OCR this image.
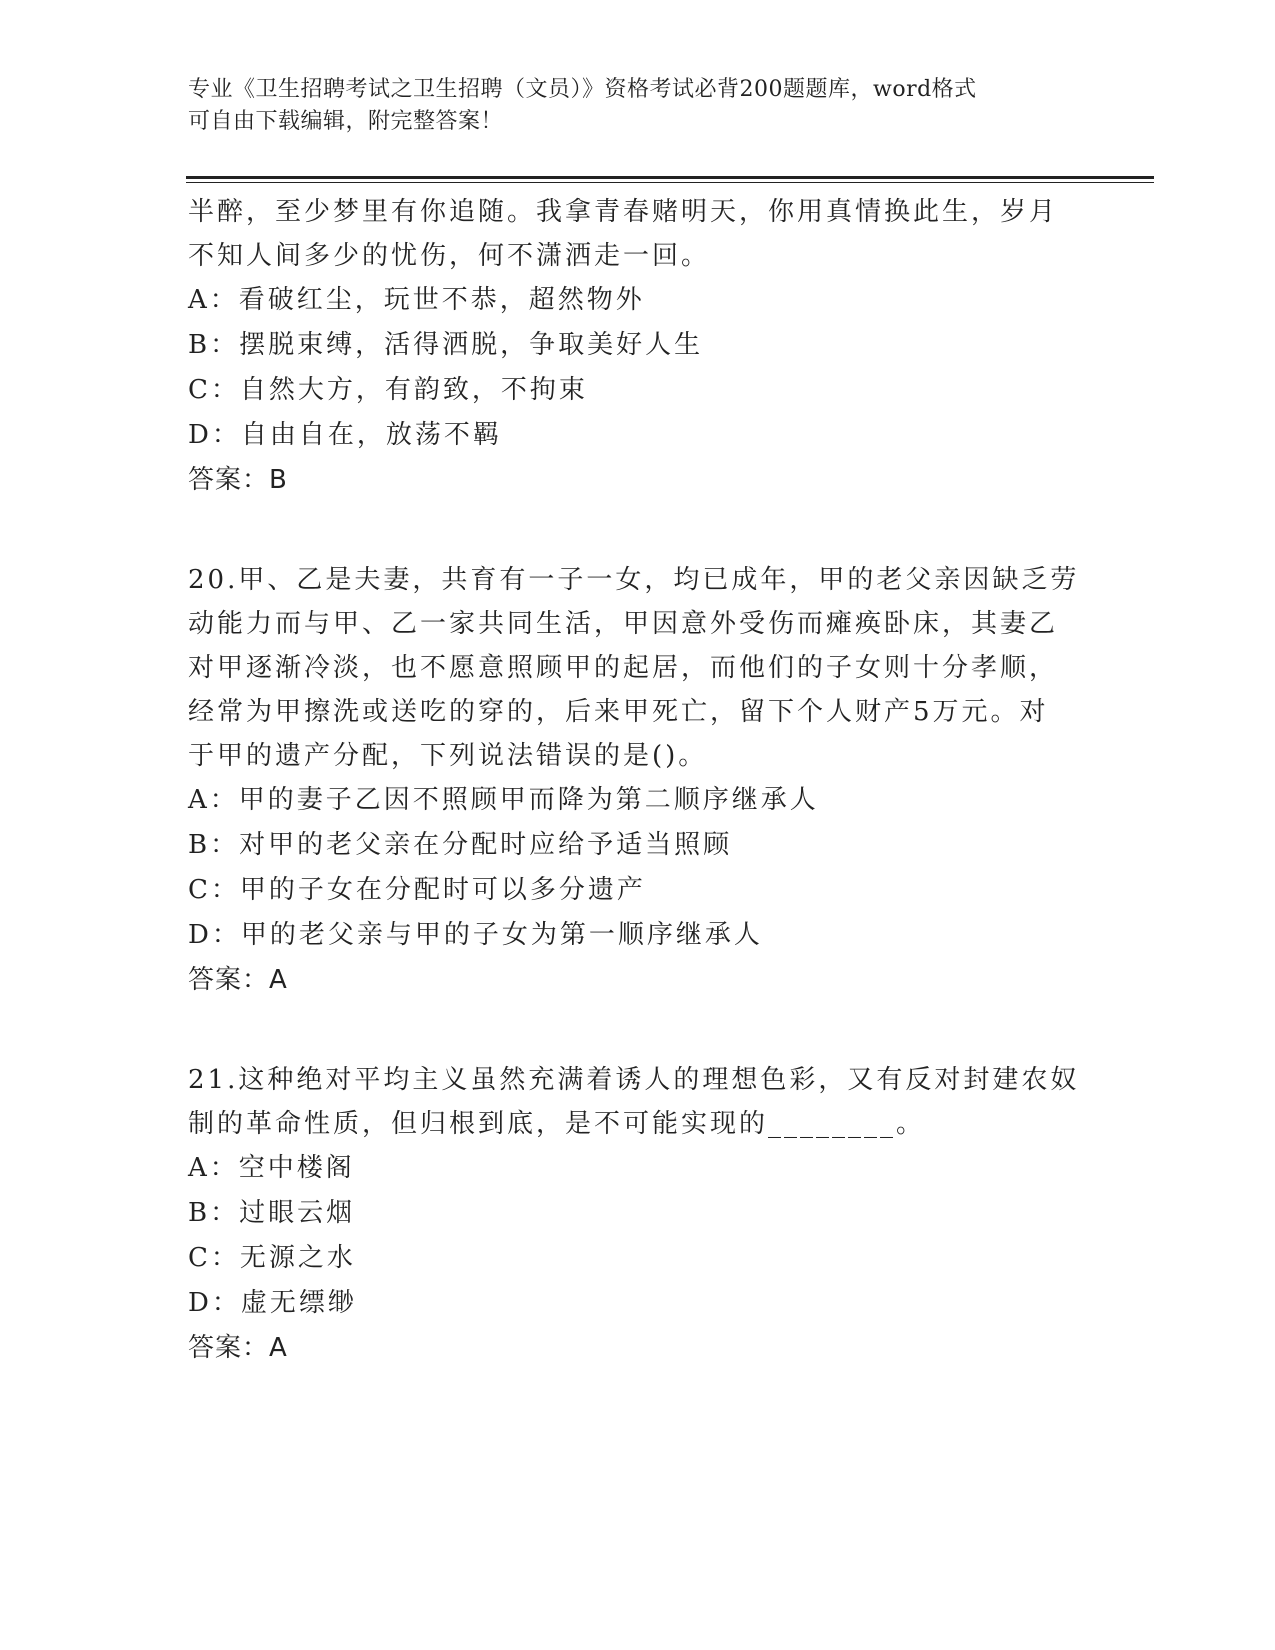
专业《卫生招聘考试之卫生招聘（文员）》资格考试必背200题题库，word格式
可自由下载编辑，附完整答案！
半醉，至少梦里有你追随。我拿青春赌明天，你用真情换此生，岁月
不知人间多少的忧伤，何不潇洒走一回。
A：看破红尘，玩世不恭，超然物外
B：摆脱束缚，活得洒脱，争取美好人生
C：自然大方，有韵致，不拘束
D：自由自在，放荡不羁
答案：B
20.甲、乙是夫妻，共育有一子一女，均已成年，甲的老父亲因缺乏劳
动能力而与甲、乙一家共同生活，甲因意外受伤而瘫痪卧床，其妻乙
对甲逐渐冷淡，也不愿意照顾甲的起居，而他们的子女则十分孝顺，
经常为甲擦洗或送吃的穿的，后来甲死亡，留下个人财产5万元。对
于甲的遗产分配，下列说法错误的是()。
A：甲的妻子乙因不照顾甲而降为第二顺序继承人
B：对甲的老父亲在分配时应给予适当照顾
C：甲的子女在分配时可以多分遗产
D：甲的老父亲与甲的子女为第一顺序继承人
答案：A
21.这种绝对平均主义虽然充满着诱人的理想色彩，又有反对封建农奴
制的革命性质，但归根到底，是不可能实现的________。
A：空中楼阁
B：过眼云烟
C：无源之水
D：虚无缥缈
答案：A
